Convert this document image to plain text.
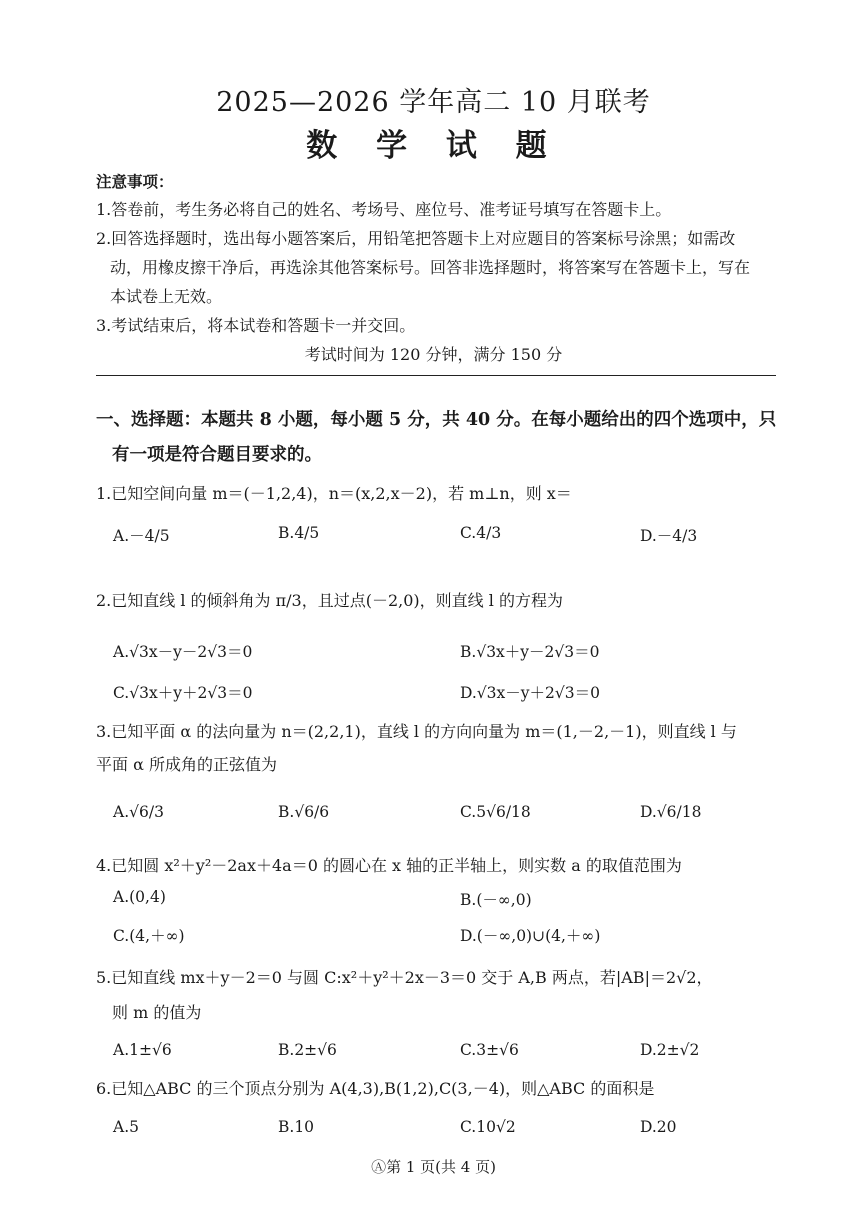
2025—2026 学年高二 10 月联考
数 学 试 题
注意事项：
1.答卷前，考生务必将自己的姓名、考场号、座位号、准考证号填写在答题卡上。
2.回答选择题时，选出每小题答案后，用铅笔把答题卡上对应题目的答案标号涂黑；如需改
动，用橡皮擦干净后，再选涂其他答案标号。回答非选择题时，将答案写在答题卡上，写在
本试卷上无效。
3.考试结束后，将本试卷和答题卡一并交回。
考试时间为 120 分钟，满分 150 分
一、选择题：本题共 8 小题，每小题 5 分，共 40 分。在每小题给出的四个选项中，只
有一项是符合题目要求的。
1.已知空间向量 m＝(－1,2,4)，n＝(x,2,x－2)，若 m⊥n，则 x＝
A.－4/5	B.4/5	C.4/3	D.－4/3
2.已知直线 l 的倾斜角为 π/3，且过点(－2,0)，则直线 l 的方程为
A.√3x－y－2√3＝0	B.√3x＋y－2√3＝0
C.√3x＋y＋2√3＝0	D.√3x－y＋2√3＝0
3.已知平面 α 的法向量为 n＝(2,2,1)，直线 l 的方向向量为 m＝(1,－2,－1)，则直线 l 与
平面 α 所成角的正弦值为
A.√6/3	B.√6/6	C.5√6/18	D.√6/18
4.已知圆 x²＋y²－2ax＋4a＝0 的圆心在 x 轴的正半轴上，则实数 a 的取值范围为
A.(0,4)	B.(－∞,0)
C.(4,＋∞)	D.(－∞,0)∪(4,＋∞)
5.已知直线 mx＋y－2＝0 与圆 C:x²＋y²＋2x－3＝0 交于 A,B 两点，若|AB|＝2√2，
则 m 的值为
A.1±√6	B.2±√6	C.3±√6	D.2±√2
6.已知△ABC 的三个顶点分别为 A(4,3),B(1,2),C(3,－4)，则△ABC 的面积是
A.5	B.10	C.10√2	D.20
Ⓐ第 1 页(共 4 页)
